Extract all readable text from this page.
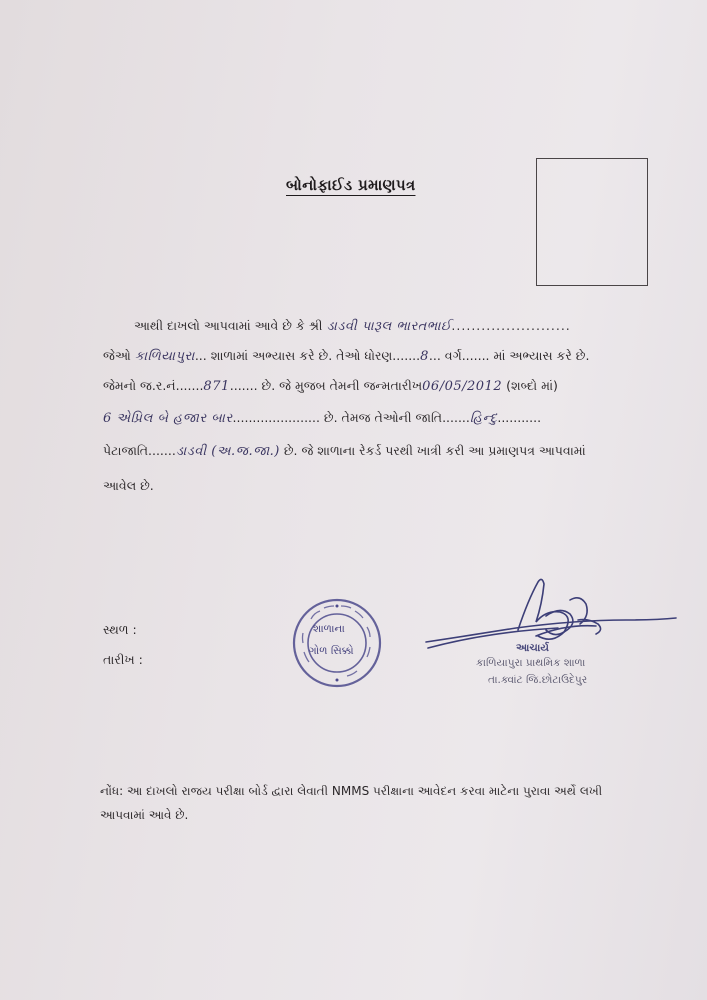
બોનોફાઈડ પ્રમાણપત્ર
આથી દાખલો આપવામાં આવે છે કે શ્રી ડાડવી પારૂલ ભારતભાઈ........................
જેઓ કાળિયાપુરા... શાળામાં અભ્યાસ કરે છે. તેઓ ધોરણ.......8... વર્ગ....... માં અભ્યાસ કરે છે.
જેમનો જ.ર.નં.......871....... છે. જે મુજબ તેમની જન્મતારીખ06/05/2012 (શબ્દો માં)
6 એપ્રિલ બે હજાર બાર...................... છે. તેમજ તેઓની જાતિ.......હિન્દુ...........
પેટાજાતિ.......ડાડવી (અ.જ.જા.) છે. જે શાળાના રેકર્ડ પરથી ખાત્રી કરી આ પ્રમાણપત્ર આપવામાં
આવેલ છે.
સ્થળ :
તારીખ :
શાળાના
ગોળ સિક્કો	આચાર્ય
કાળિયાપુરા પ્રાથમિક શાળા
તા.ક્વાંટ જિ.છોટાઉદેપુર
નોંધ: આ દાખલો રાજય પરીક્ષા બોર્ડ દ્વારા લેવાતી NMMS પરીક્ષાના આવેદન કરવા માટેના પુરાવા અર્થે લખી
આપવામાં આવે છે.
